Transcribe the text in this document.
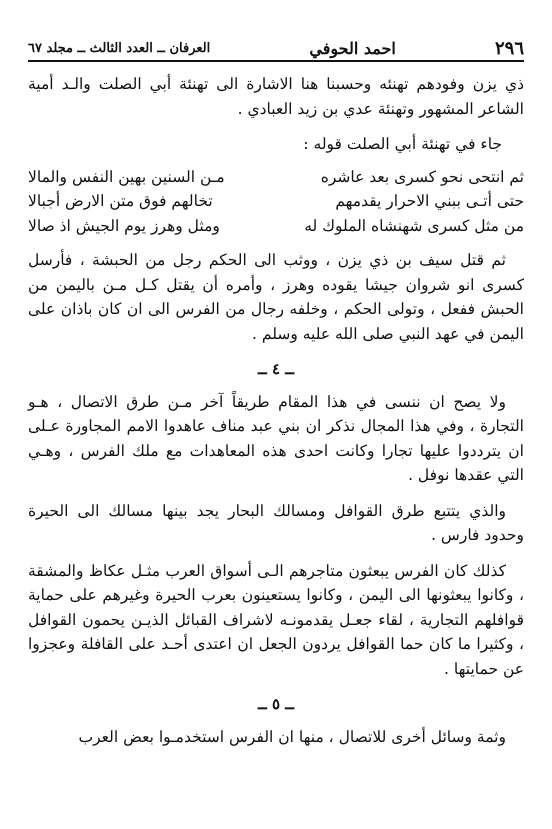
٢٩٦
احمد الحوفي
العرفان ــ العدد الثالث ــ مجلد ٦٧

ذي يزن وفودهم تهنئه وحسبنا هنا الاشارة الى تهنئة أبي الصلت والـد أمية الشاعر المشهور وتهنئة عدي بن زيد العبادي .

جاء في تهنئة أبي الصلت قوله :

ثم انتحى نحو كسرى بعد عاشره
مـن السنين بهين النفس والمالا
حتى أتـى ببني الاحرار يقدمهم
تخالهم فوق متن الارض أجبالا
من مثل كسرى شهنشاه الملوك له
ومثل وهرز يوم الجيش اذ صالا

ثم قتل سيف بن ذي يزن ، ووثب الى الحكم رجل من الحبشة ، فأرسل كسرى انو شروان جيشا يقوده وهرز ، وأمره أن يقتل كـل مـن باليمن من الحبش ففعل ، وتولى الحكم ، وخلفه رجال من الفرس الى ان كان باذان على اليمن في عهد النبي صلى الله عليه وسلم .

ــ ٤ ــ

ولا يصح ان ننسى في هذا المقام طريقاً آخر مـن طرق الاتصال ، هـو التجارة ، وفي هذا المجال نذكر ان بني عبد مناف عاهدوا الامم المجاورة عـلى ان يترددوا عليها تجارا وكانت احدى هذه المعاهدات مع ملك الفرس ، وهـي التي عقدها نوفل .

والذي يتتبع طرق القوافل ومسالك البحار يجد بينها مسالك الى الحيرة وحدود فارس .

كذلك كان الفرس يبعثون متاجرهم الـى أسواق العرب مثـل عكاظ والمشقة ، وكانوا يبعثونها الى اليمن ، وكانوا يستعينون بعرب الحيرة وغيرهم على حماية قوافلهم التجارية ، لقاء جعـل يقدمونـه لاشراف القبائل الذيـن يحمون القوافل ، وكثيرا ما كان حما القوافل يردون الجعل ان اعتدى أحـد على القافلة وعجزوا عن حمايتها .

ــ ٥ ــ

وثمة وسائل أخرى للاتصال ، منها ان الفرس استخدمـوا بعض العرب
